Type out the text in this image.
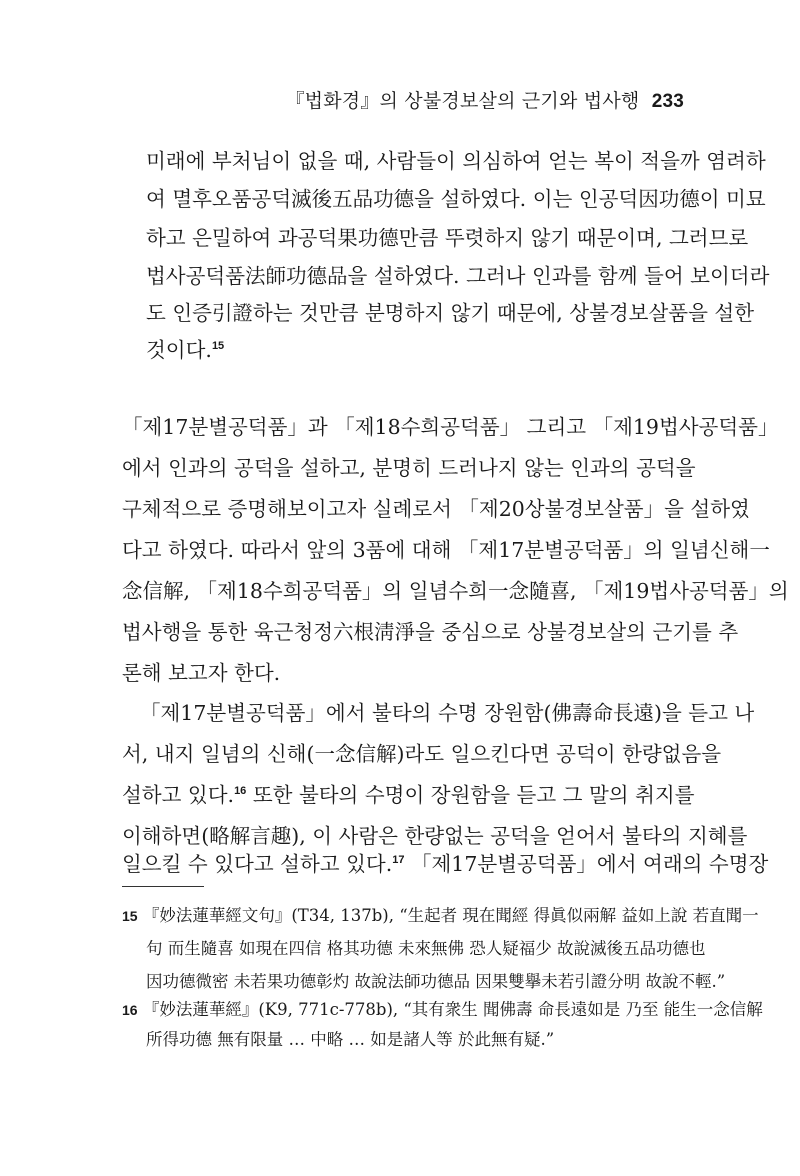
『법화경』의 상불경보살의 근기와 법사행 233
미래에 부처님이 없을 때, 사람들이 의심하여 얻는 복이 적을까 염려하
여 멸후오품공덕滅後五品功德을 설하였다. 이는 인공덕因功德이 미묘
하고 은밀하여 과공덕果功德만큼 뚜렷하지 않기 때문이며, 그러므로
법사공덕품法師功德品을 설하였다. 그러나 인과를 함께 들어 보이더라
도 인증引證하는 것만큼 분명하지 않기 때문에, 상불경보살품을 설한
것이다.$^{15}$
「제17분별공덕품」과 「제18수희공덕품」 그리고 「제19법사공덕품」
에서 인과의 공덕을 설하고, 분명히 드러나지 않는 인과의 공덕을
구체적으로 증명해보이고자 실례로서 「제20상불경보살품」을 설하였
다고 하였다. 따라서 앞의 3품에 대해 「제17분별공덕품」의 일념신해一
念信解, 「제18수희공덕품」의 일념수희一念隨喜, 「제19법사공덕품」의
법사행을 통한 육근청정六根淸淨을 중심으로 상불경보살의 근기를 추
론해 보고자 한다.
「제17분별공덕품」에서 불타의 수명 장원함(佛壽命長遠)을 듣고 나
서, 내지 일념의 신해(一念信解)라도 일으킨다면 공덕이 한량없음을
설하고 있다.$^{16}$ 또한 불타의 수명이 장원함을 듣고 그 말의 취지를
이해하면(略解言趣), 이 사람은 한량없는 공덕을 얻어서 불타의 지혜를
일으킬 수 있다고 설하고 있다.$^{17}$ 「제17분별공덕품」에서 여래의 수명장
15 『妙法蓮華經文句』(T34, 137b), “生起者 現在聞經 得眞似兩解 益如上說 若直聞一
句 而生隨喜 如現在四信 格其功德 未來無佛 恐人疑福少 故說滅後五品功德也
因功德微密 未若果功德彰灼 故說法師功德品 因果雙擧未若引證分明 故說不輕.”
16 『妙法蓮華經』(K9, 771c-778b), “其有衆生 聞佛壽 命長遠如是 乃至 能生一念信解
所得功德 無有限量 … 中略 … 如是諸人等 於此無有疑.”
